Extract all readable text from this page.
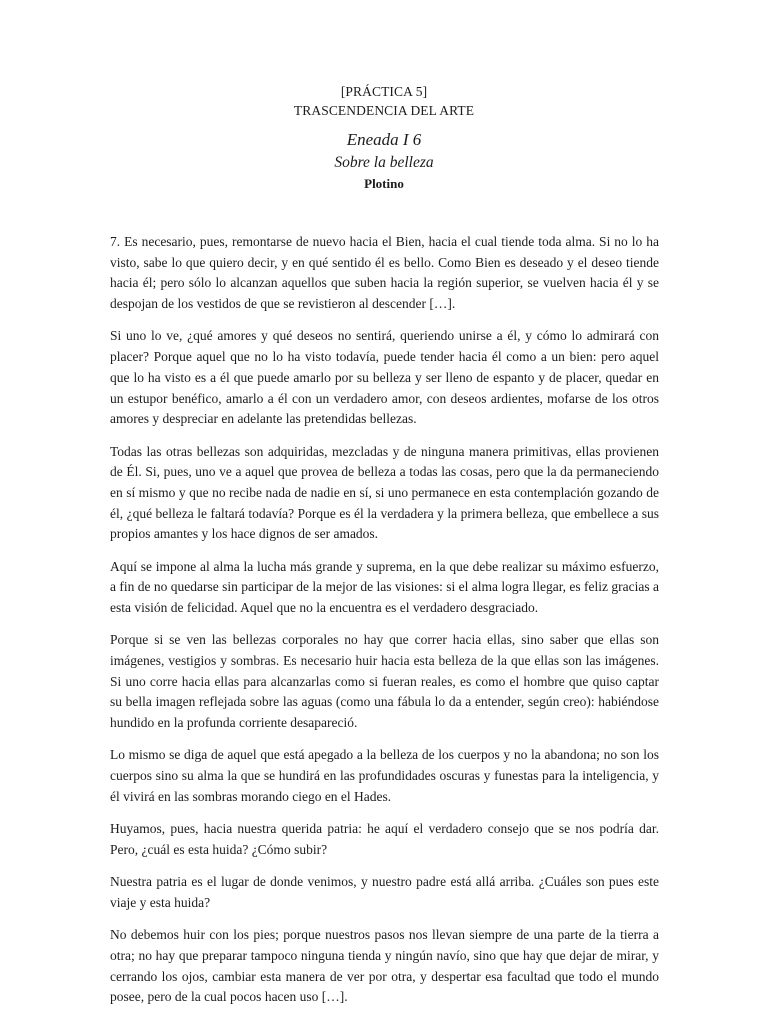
[PRÁCTICA 5]
TRASCENDENCIA DEL ARTE
Eneada I 6
Sobre la belleza
Plotino

7. Es necesario, pues, remontarse de nuevo hacia el Bien, hacia el cual tiende toda alma. Si no lo ha visto, sabe lo que quiero decir, y en qué sentido él es bello. Como Bien es deseado y el deseo tiende hacia él; pero sólo lo alcanzan aquellos que suben hacia la región superior, se vuelven hacia él y se despojan de los vestidos de que se revistieron al descender […].

Si uno lo ve, ¿qué amores y qué deseos no sentirá, queriendo unirse a él, y cómo lo admirará con placer? Porque aquel que no lo ha visto todavía, puede tender hacia él como a un bien: pero aquel que lo ha visto es a él que puede amarlo por su belleza y ser lleno de espanto y de placer, quedar en un estupor benéfico, amarlo a él con un verdadero amor, con deseos ardientes, mofarse de los otros amores y despreciar en adelante las pretendidas bellezas.

Todas las otras bellezas son adquiridas, mezcladas y de ninguna manera primitivas, ellas provienen de Él. Si, pues, uno ve a aquel que provea de belleza a todas las cosas, pero que la da permaneciendo en sí mismo y que no recibe nada de nadie en sí, si uno permanece en esta contemplación gozando de él, ¿qué belleza le faltará todavía? Porque es él la verdadera y la primera belleza, que embellece a sus propios amantes y los hace dignos de ser amados.

Aquí se impone al alma la lucha más grande y suprema, en la que debe realizar su máximo esfuerzo, a fin de no quedarse sin participar de la mejor de las visiones: si el alma logra llegar, es feliz gracias a esta visión de felicidad. Aquel que no la encuentra es el verdadero desgraciado.

Porque si se ven las bellezas corporales no hay que correr hacia ellas, sino saber que ellas son imágenes, vestigios y sombras. Es necesario huir hacia esta belleza de la que ellas son las imágenes. Si uno corre hacia ellas para alcanzarlas como si fueran reales, es como el hombre que quiso captar su bella imagen reflejada sobre las aguas (como una fábula lo da a entender, según creo): habiéndose hundido en la profunda corriente desapareció.

Lo mismo se diga de aquel que está apegado a la belleza de los cuerpos y no la abandona; no son los cuerpos sino su alma la que se hundirá en las profundidades oscuras y funestas para la inteligencia, y él vivirá en las sombras morando ciego en el Hades.

Huyamos, pues, hacia nuestra querida patria: he aquí el verdadero consejo que se nos podría dar. Pero, ¿cuál es esta huida? ¿Cómo subir?

Nuestra patria es el lugar de donde venimos, y nuestro padre está allá arriba. ¿Cuáles son pues este viaje y esta huida?

No debemos huir con los pies; porque nuestros pasos nos llevan siempre de una parte de la tierra a otra; no hay que preparar tampoco ninguna tienda y ningún navío, sino que hay que dejar de mirar, y cerrando los ojos, cambiar esta manera de ver por otra, y despertar esa facultad que todo el mundo posee, pero de la cual pocos hacen uso […].
